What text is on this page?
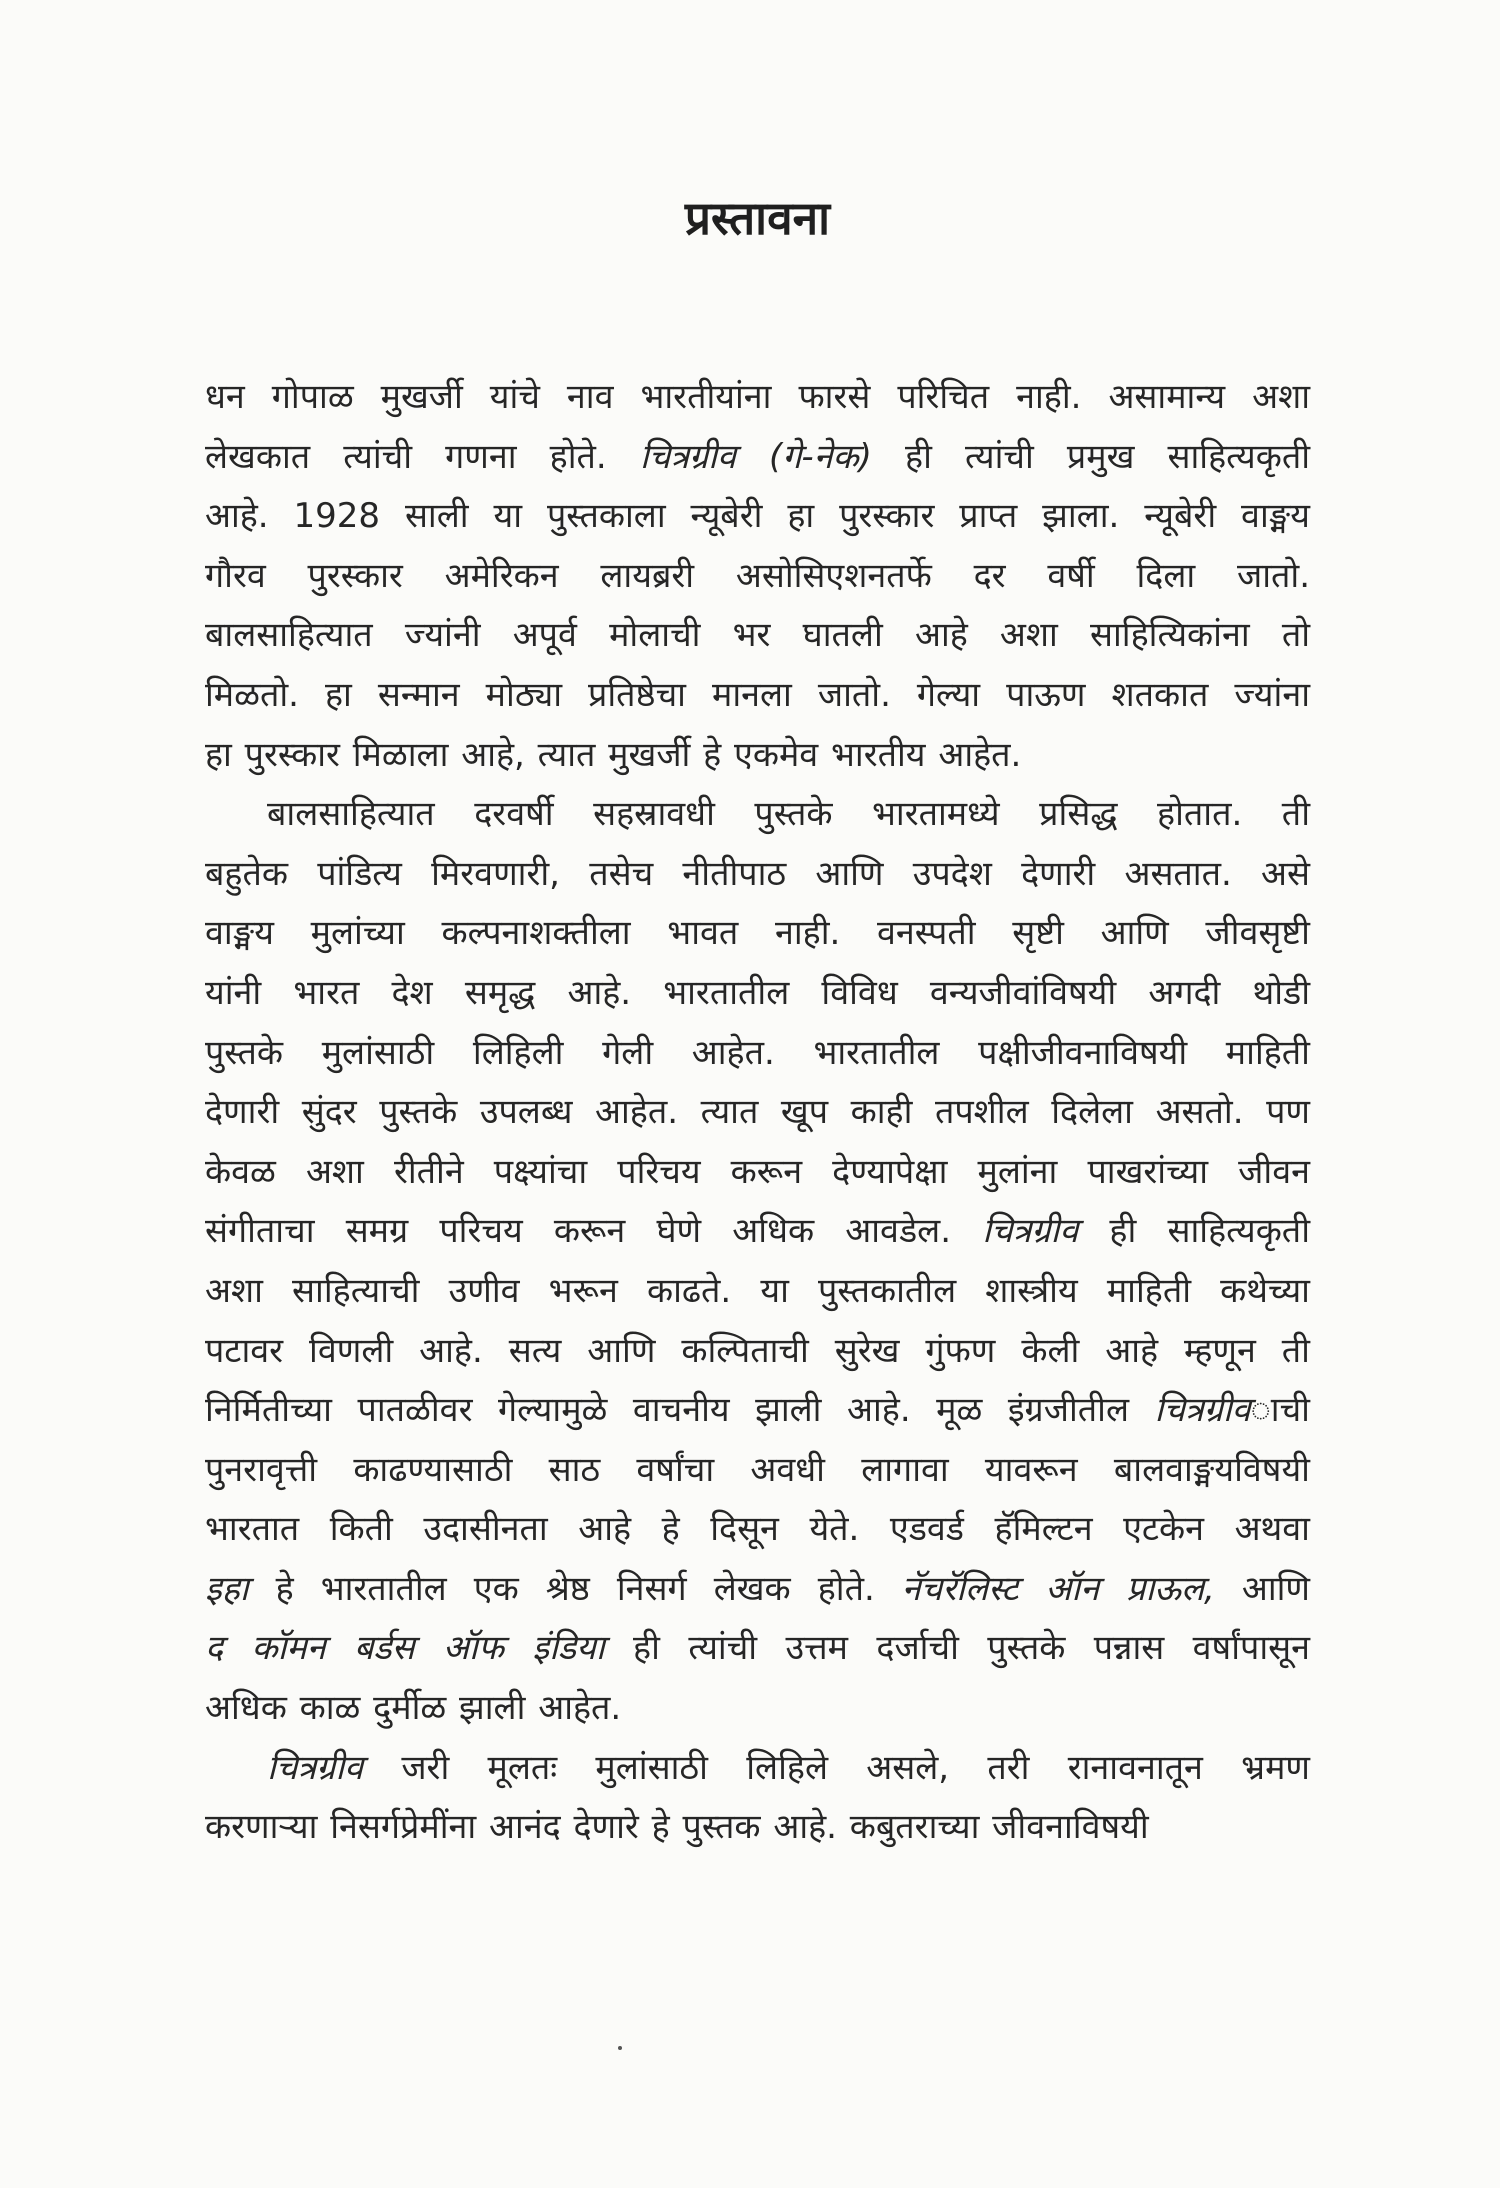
प्रस्तावना
धन गोपाळ मुखर्जी यांचे नाव भारतीयांना फारसे परिचित नाही. असामान्य अशा
लेखकात त्यांची गणना होते. चित्रग्रीव (गे-नेक) ही त्यांची प्रमुख साहित्यकृती
आहे. 1928 साली या पुस्तकाला न्यूबेरी हा पुरस्कार प्राप्त झाला. न्यूबेरी वाङ्मय
गौरव पुरस्कार अमेरिकन लायब्ररी असोसिएशनतर्फे दर वर्षी दिला जातो.
बालसाहित्यात ज्यांनी अपूर्व मोलाची भर घातली आहे अशा साहित्यिकांना तो
मिळतो. हा सन्मान मोठ्या प्रतिष्ठेचा मानला जातो. गेल्या पाऊण शतकात ज्यांना
हा पुरस्कार मिळाला आहे, त्यात मुखर्जी हे एकमेव भारतीय आहेत.
बालसाहित्यात दरवर्षी सहस्रावधी पुस्तके भारतामध्ये प्रसिद्ध होतात. ती
बहुतेक पांडित्य मिरवणारी, तसेच नीतीपाठ आणि उपदेश देणारी असतात. असे
वाङ्मय मुलांच्या कल्पनाशक्तीला भावत नाही. वनस्पती सृष्टी आणि जीवसृष्टी
यांनी भारत देश समृद्ध आहे. भारतातील विविध वन्यजीवांविषयी अगदी थोडी
पुस्तके मुलांसाठी लिहिली गेली आहेत. भारतातील पक्षीजीवनाविषयी माहिती
देणारी सुंदर पुस्तके उपलब्ध आहेत. त्यात खूप काही तपशील दिलेला असतो. पण
केवळ अशा रीतीने पक्ष्यांचा परिचय करून देण्यापेक्षा मुलांना पाखरांच्या जीवन
संगीताचा समग्र परिचय करून घेणे अधिक आवडेल. चित्रग्रीव ही साहित्यकृती
अशा साहित्याची उणीव भरून काढते. या पुस्तकातील शास्त्रीय माहिती कथेच्या
पटावर विणली आहे. सत्य आणि कल्पिताची सुरेख गुंफण केली आहे म्हणून ती
निर्मितीच्या पातळीवर गेल्यामुळे वाचनीय झाली आहे. मूळ इंग्रजीतील चित्रग्रीवाची
पुनरावृत्ती काढण्यासाठी साठ वर्षांचा अवधी लागावा यावरून बालवाङ्मयविषयी
भारतात किती उदासीनता आहे हे दिसून येते. एडवर्ड हॅमिल्टन एटकेन अथवा
इहा हे भारतातील एक श्रेष्ठ निसर्ग लेखक होते. नॅचरॅलिस्ट ऑन प्राऊल, आणि
द कॉमन बर्डस ऑफ इंडिया ही त्यांची उत्तम दर्जाची पुस्तके पन्नास वर्षांपासून
अधिक काळ दुर्मीळ झाली आहेत.
चित्रग्रीव जरी मूलतः मुलांसाठी लिहिले असले, तरी रानावनातून भ्रमण
करणाऱ्या निसर्गप्रेमींना आनंद देणारे हे पुस्तक आहे. कबुतराच्या जीवनाविषयी
